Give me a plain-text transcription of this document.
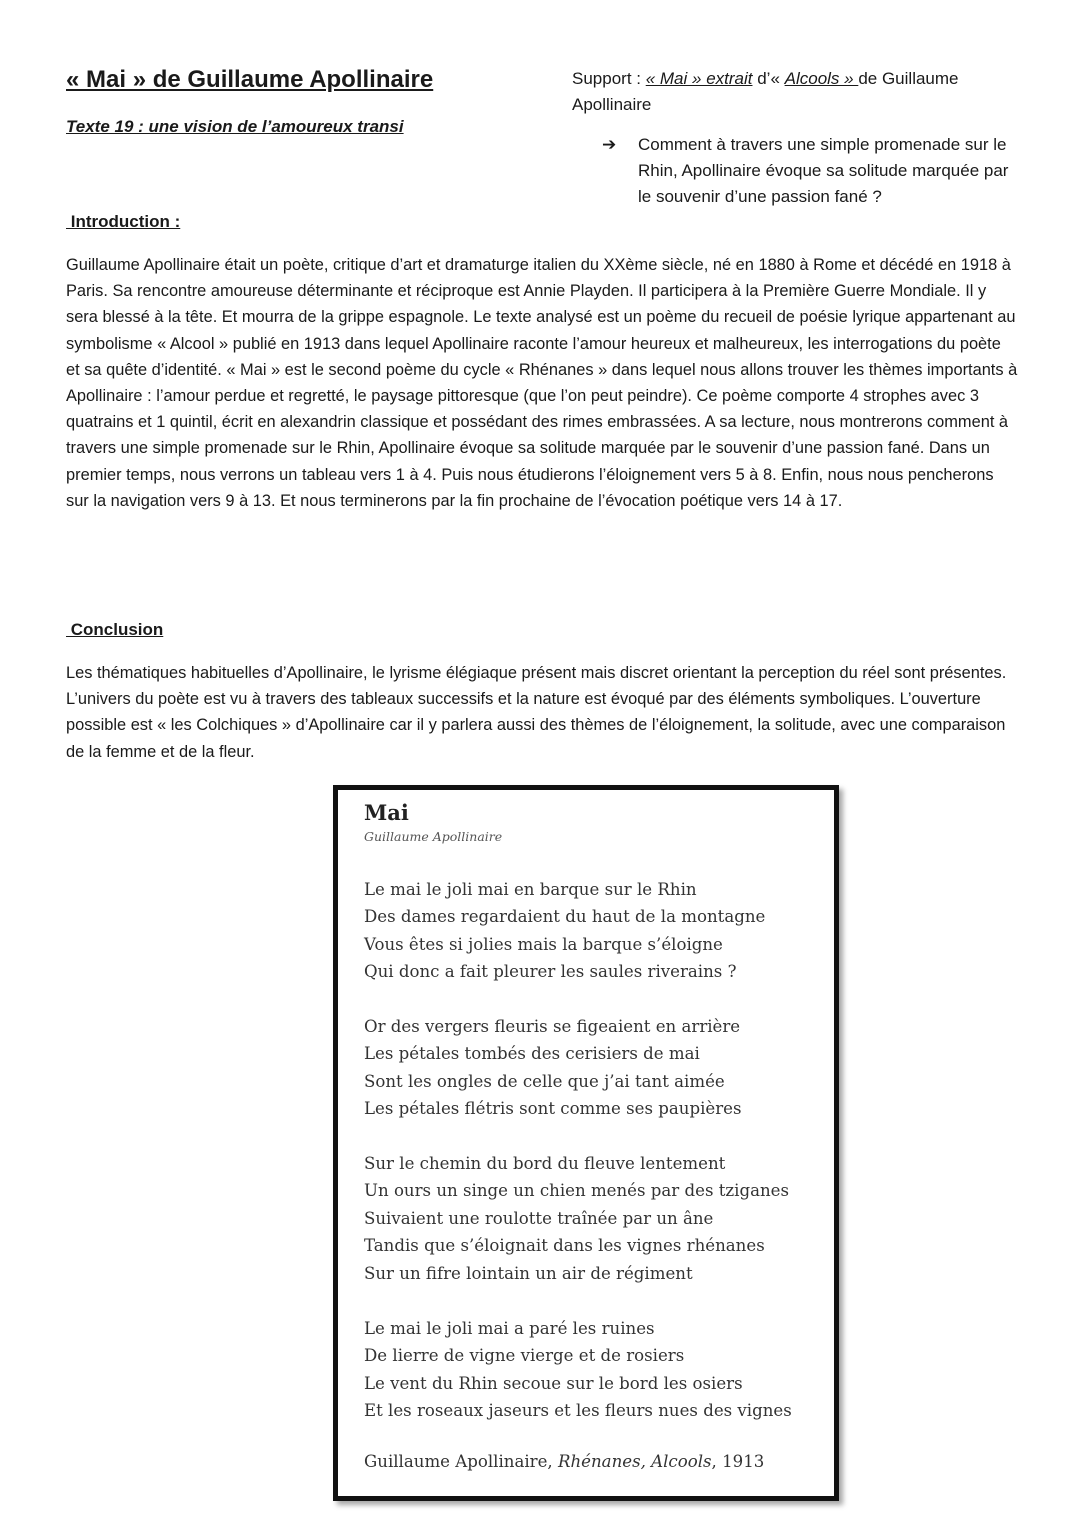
« Mai » de Guillaume Apollinaire
Texte 19 : une vision de l’amoureux transi
Support : « Mai » extrait d’« Alcools » de Guillaume Apollinaire
➔ Comment à travers une simple promenade sur le Rhin, Apollinaire évoque sa solitude marquée par le souvenir d’une passion fané ?
Introduction :
Guillaume Apollinaire était un poète, critique d’art et dramaturge italien du XXème siècle, né en 1880 à Rome et décédé en 1918 à Paris. Sa rencontre amoureuse déterminante et réciproque est Annie Playden. Il participera à la Première Guerre Mondiale. Il y sera blessé à la tête. Et mourra de la grippe espagnole. Le texte analysé est un poème du recueil de poésie lyrique appartenant au symbolisme « Alcool » publié en 1913 dans lequel Apollinaire raconte l’amour heureux et malheureux, les interrogations du poète et sa quête d’identité. « Mai » est le second poème du cycle « Rhénanes » dans lequel nous allons trouver les thèmes importants à Apollinaire : l’amour perdue et regretté, le paysage pittoresque (que l’on peut peindre). Ce poème comporte 4 strophes avec 3 quatrains et 1 quintil, écrit en alexandrin classique et possédant des rimes embrassées. A sa lecture, nous montrerons comment à travers une simple promenade sur le Rhin, Apollinaire évoque sa solitude marquée par le souvenir d’une passion fané. Dans un premier temps, nous verrons un tableau vers 1 à 4. Puis nous étudierons l’éloignement vers 5 à 8. Enfin, nous nous pencherons sur la navigation vers 9 à 13. Et nous terminerons par la fin prochaine de l’évocation poétique vers 14 à 17.
Conclusion
Les thématiques habituelles d’Apollinaire, le lyrisme élégiaque présent mais discret orientant la perception du réel sont présentes. L’univers du poète est vu à travers des tableaux successifs et la nature est évoqué par des éléments symboliques. L’ouverture possible est « les Colchiques » d’Apollinaire car il y parlera aussi des thèmes de l’éloignement, la solitude, avec une comparaison de la femme et de la fleur.
Mai
Guillaume Apollinaire
Le mai le joli mai en barque sur le Rhin
Des dames regardaient du haut de la montagne
Vous êtes si jolies mais la barque s’éloigne
Qui donc a fait pleurer les saules riverains ?
Or des vergers fleuris se figeaient en arrière
Les pétales tombés des cerisiers de mai
Sont les ongles de celle que j’ai tant aimée
Les pétales flétris sont comme ses paupières
Sur le chemin du bord du fleuve lentement
Un ours un singe un chien menés par des tziganes
Suivaient une roulotte traînée par un âne
Tandis que s’éloignait dans les vignes rhénanes
Sur un fifre lointain un air de régiment
Le mai le joli mai a paré les ruines
De lierre de vigne vierge et de rosiers
Le vent du Rhin secoue sur le bord les osiers
Et les roseaux jaseurs et les fleurs nues des vignes
Guillaume Apollinaire, Rhénanes, Alcools, 1913
